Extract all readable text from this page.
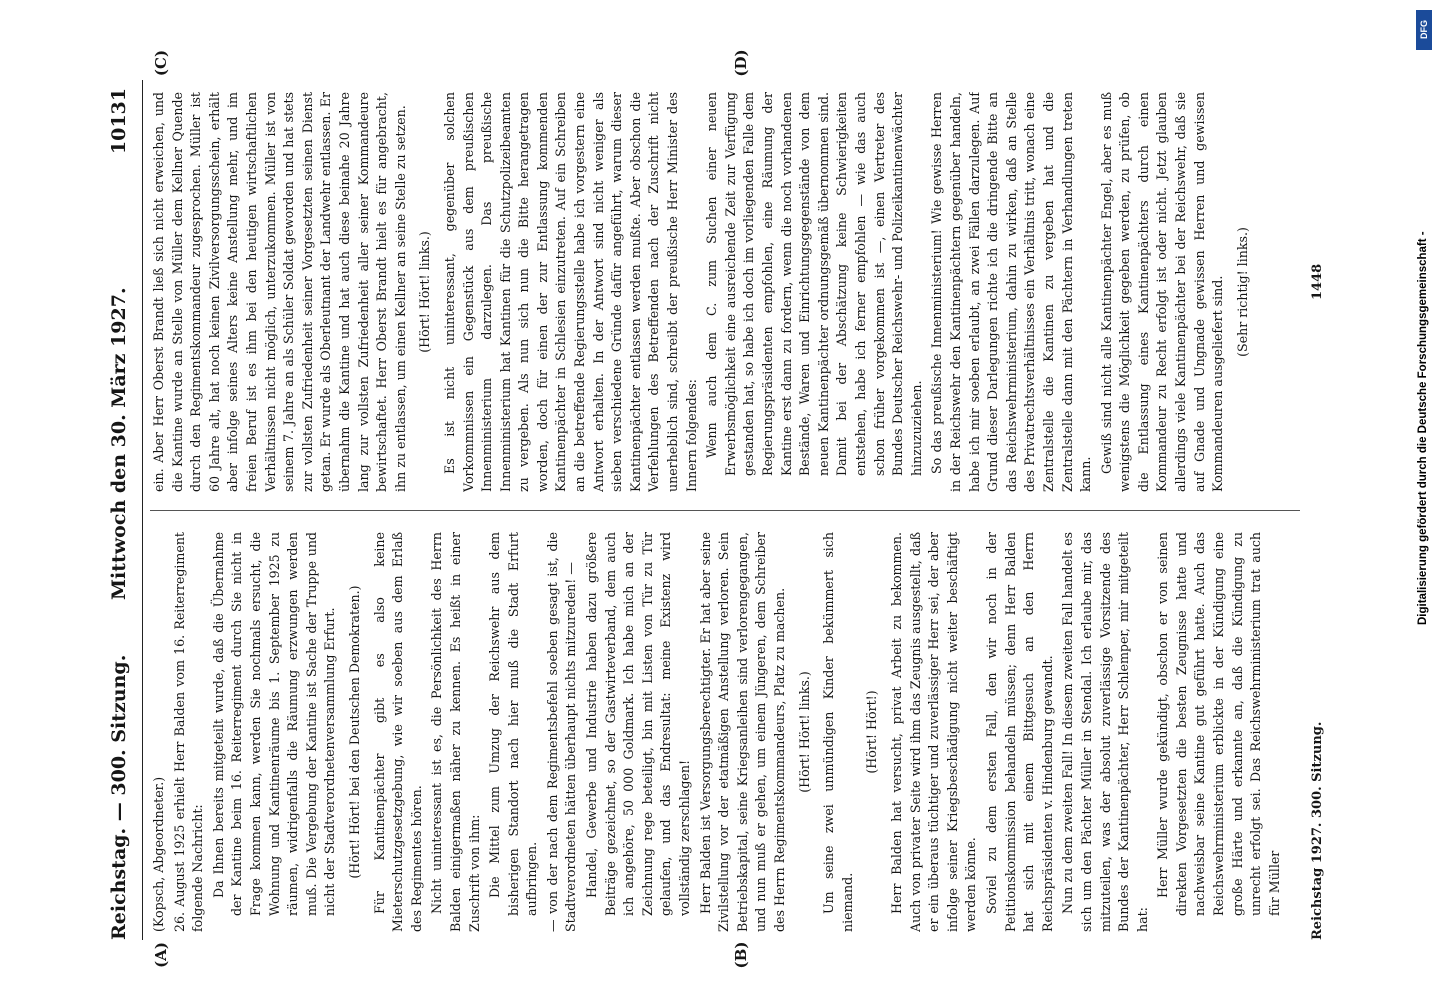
Reichstag. — 300. Sitzung.
Mittwoch den 30. März 1927.
10131
(A)	(B)
(C)	(D)

(Kopsch, Abgeordneter.) 26. August 1925 erhielt Herr Balden vom 16. Reiterregiment folgende Nachricht: Da Ihnen bereits mitgeteilt wurde, daß die Übernahme der Kantine beim 16. Reiterregiment durch Sie nicht in Frage kommen kann, werden Sie nochmals ersucht, die Wohnung und Kantinenräume bis 1. September 1925 zu räumen, widrigenfalls die Räumung erzwungen werden muß. Die Vergebung der Kantine ist Sache der Truppe und nicht der Stadtverordnetenversammlung Erfurt. (Hört! Hört! bei den Deutschen Demokraten.) Für Kantinenpächter gibt es also keine Mieterschutzgesetzgebung, wie wir soeben aus dem Erlaß des Regimentes hören. Nicht uninteressant ist es, die Persönlichkeit des Herrn Balden einigermaßen näher zu kennen. Es heißt in einer Zuschrift von ihm: Die Mittel zum Umzug der Reichswehr aus dem bisherigen Standort nach hier muß die Stadt Erfurt aufbringen. — von der nach dem Regimentsbefehl soeben gesagt ist, die Stadtverordneten hätten überhaupt nichts mitzureden! — Handel, Gewerbe und Industrie haben dazu größere Beiträge gezeichnet, so der Gastwirteverband, dem auch ich angehöre, 50 000 Goldmark. Ich habe mich an der Zeichnung rege beteiligt, bin mit Listen von Tür zu Tür gelaufen, und das Endresultat: meine Existenz wird vollständig zerschlagen! Herr Balden ist Versorgungsberechtigter. Er hat aber seine Zivilstellung vor der etatmäßigen Anstellung verloren. Sein Betriebskapital, seine Kriegsanleihen sind verlorengegangen, und nun muß er gehen, um einem Jüngeren, dem Schreiber des Herrn Regimentskommandeurs, Platz zu machen. (Hört! Hört! links.) Um seine zwei unmündigen Kinder bekümmert sich niemand.

(Hört! Hört!) Herr Balden hat versucht, privat Arbeit zu bekommen. Auch von privater Seite wird ihm das Zeugnis ausgestellt, daß er ein überaus tüchtiger und zuverlässiger Herr sei, der aber infolge seiner Kriegsbeschädigung nicht weiter beschäftigt werden könne. Soviel zu dem ersten Fall, den wir noch in der Petitionskommission behandeln müssen; denn Herr Balden hat sich mit einem Bittgesuch an den Herrn Reichspräsidenten v. Hindenburg gewandt. Nun zu dem zweiten Fall! In diesem zweiten Fall handelt es sich um den Pächter Müller in Stendal. Ich erlaube mir, das mitzuteilen, was der absolut zuverlässige Vorsitzende des Bundes der Kantinenpächter, Herr Schlemper, mir mitgeteilt hat:

Herr Müller wurde gekündigt, obschon er von seinen direkten Vorgesetzten die besten Zeugnisse hatte und nachweisbar seine Kantine gut geführt hatte. Auch das Reichswehrministerium erblickte in der Kündigung eine große Härte und erkannte an, daß die Kündigung zu unrecht erfolgt sei. Das Reichswehrministerium trat auch für Müller

ein. Aber Herr Oberst Brandt ließ sich nicht erweichen, und die Kantine wurde an Stelle von Müller dem Kellner Quende durch den Regimentskommandeur zugesprochen. Müller ist 60 Jahre alt, hat noch keinen Zivilversorgungsschein, erhält aber infolge seines Alters keine Anstellung mehr, und im freien Beruf ist es ihm bei den heutigen wirtschaftlichen Verhältnissen nicht möglich, unterzukommen. Müller ist von seinem 7. Jahre an als Schüler Soldat geworden und hat stets zur vollsten Zufriedenheit seiner Vorgesetzten seinen Dienst getan. Er wurde als Oberleutnant der Landwehr entlassen. Er übernahm die Kantine und hat auch diese beinahe 20 Jahre lang zur vollsten Zufriedenheit aller seiner Kommandeure bewirtschaftet. Herr Oberst Brandt hielt es für angebracht, ihn zu entlassen, um einen Kellner an seine Stelle zu setzen. (Hört! Hört! links.) Es ist nicht uninteressant, gegenüber solchen Vorkommnissen ein Gegenstück aus dem preußischen Innenministerium darzulegen. Das preußische Innenministerium hat Kantinen für die Schutzpolizeibeamten zu vergeben. Als nun sich nun die Bitte herangetragen worden, doch für einen der zur Entlassung kommenden Kantinenpächter in Schlesien einzutreten. Auf ein Schreiben an die betreffende Regierungsstelle habe ich vorgestern eine Antwort erhalten. In der Antwort sind nicht weniger als sieben verschiedene Gründe dafür angeführt, warum dieser Kantinenpächter entlassen werden mußte. Aber obschon die Verfehlungen des Betreffenden nach der Zuschrift nicht unerheblich sind, schreibt der preußische Herr Minister des Innern folgendes: Wenn auch dem C. zum Suchen einer neuen Erwerbsmöglichkeit eine ausreichende Zeit zur Verfügung gestanden hat, so habe ich doch im vorliegenden Falle dem Regierungspräsidenten empfohlen, eine Räumung der Kantine erst dann zu fordern, wenn die noch vorhandenen Bestände, Waren und Einrichtungsgegenstände von dem neuen Kantinenpächter ordnungsgemäß übernommen sind. Damit bei der Abschätzung keine Schwierigkeiten entstehen, habe ich ferner empfohlen — wie das auch schon früher vorgekommen ist —, einen Vertreter des Bundes Deutscher Reichswehr- und Polizeikantinenwächter hinzuzuziehen. So das preußische Innenministerium! Wie gewisse Herren in der Reichswehr den Kantinenpächtern gegenüber handeln, habe ich mir soeben erlaubt, an zwei Fällen darzulegen. Auf Grund dieser Darlegungen richte ich die dringende Bitte an das Reichswehrministerium, dahin zu wirken, daß an Stelle des Privatrechtsverhältnisses ein Verhältnis tritt, wonach eine Zentralstelle die Kantinen zu vergeben hat und die Zentralstelle dann mit den Pächtern in Verhandlungen treten kann.

Gewiß sind nicht alle Kantinenpächter Engel, aber es muß wenigstens die Möglichkeit gegeben werden, zu prüfen, ob die Entlassung eines Kantinenpächters durch einen Kommandeur zu Recht erfolgt ist oder nicht. Jetzt glauben allerdings viele Kantinenpächter bei der Reichswehr, daß sie auf Gnade und Ungnade gewissen Herren und gewissen Kommandeuren ausgeliefert sind. (Sehr richtig! links.)

Reichstag 1927. 300. Sitzung.
1448
DFG
Digitalisierung gefördert durch die Deutsche Forschungsgemeinschaft -
